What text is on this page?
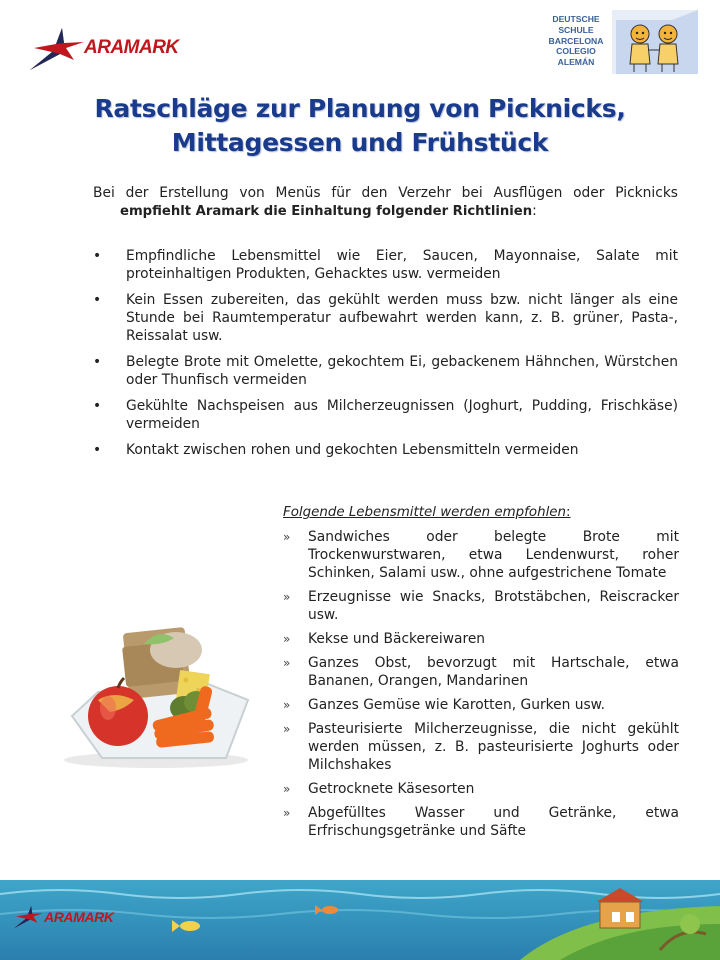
ARAMARK
DEUTSCHE
SCHULE
BARCELONA
COLEGIO
ALEMÁN
Ratschläge zur Planung von Picknicks,
Mittagessen und Frühstück
Bei der Erstellung von Menüs für den Verzehr bei Ausflügen oder Picknicks empfiehlt Aramark die Einhaltung folgender Richtlinien:
• Empfindliche Lebensmittel wie Eier, Saucen, Mayonnaise, Salate mit proteinhaltigen Produkten, Gehacktes usw. vermeiden
• Kein Essen zubereiten, das gekühlt werden muss bzw. nicht länger als eine Stunde bei Raumtemperatur aufbewahrt werden kann, z. B. grüner, Pasta-, Reissalat usw.
• Belegte Brote mit Omelette, gekochtem Ei, gebackenem Hähnchen, Würstchen oder Thunfisch vermeiden
• Gekühlte Nachspeisen aus Milcherzeugnissen (Joghurt, Pudding, Frischkäse) vermeiden
• Kontakt zwischen rohen und gekochten Lebensmitteln vermeiden
Folgende Lebensmittel werden empfohlen:
» Sandwiches oder belegte Brote mit Trockenwurstwaren, etwa Lendenwurst, roher Schinken, Salami usw., ohne aufgestrichene Tomate
» Erzeugnisse wie Snacks, Brotstäbchen, Reiscracker usw.
» Kekse und Bäckereiwaren
» Ganzes Obst, bevorzugt mit Hartschale, etwa Bananen, Orangen, Mandarinen
» Ganzes Gemüse wie Karotten, Gurken usw.
» Pasteurisierte Milcherzeugnisse, die nicht gekühlt werden müssen, z. B. pasteurisierte Joghurts oder Milchshakes
» Getrocknete Käsesorten
» Abgefülltes Wasser und Getränke, etwa Erfrischungsgetränke und Säfte
ARAMARK
